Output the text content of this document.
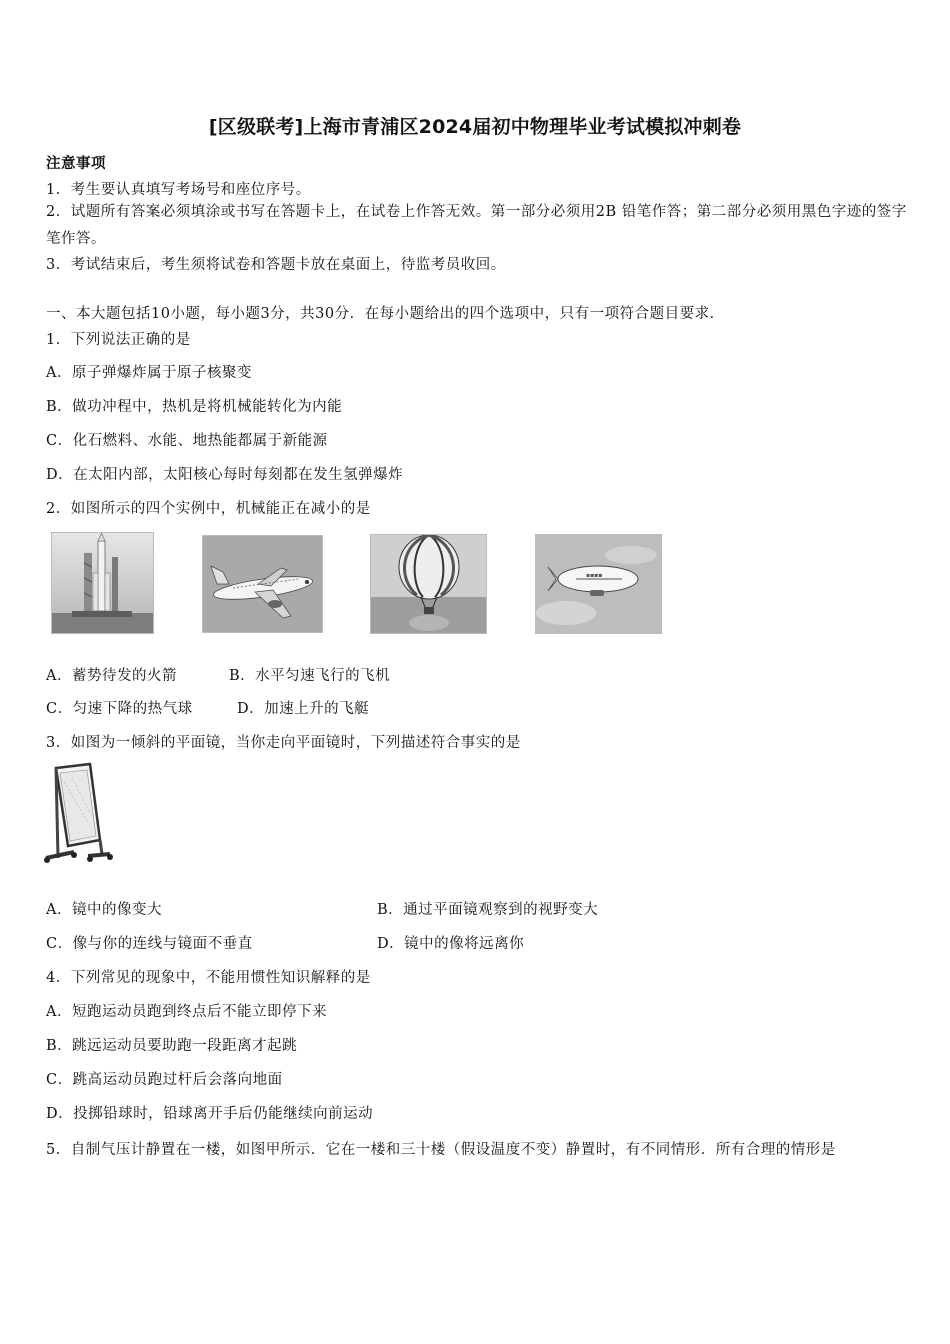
[区级联考]上海市青浦区2024届初中物理毕业考试模拟冲刺卷
注意事项
1．考生要认真填写考场号和座位序号。
2．试题所有答案必须填涂或书写在答题卡上，在试卷上作答无效。第一部分必须用2B 铅笔作答；第二部分必须用黑色字迹的签字笔作答。
3．考试结束后，考生须将试卷和答题卡放在桌面上，待监考员收回。
一、本大题包括10小题，每小题3分，共30分．在每小题给出的四个选项中，只有一项符合题目要求．
1．下列说法正确的是
A．原子弹爆炸属于原子核聚变
B．做功冲程中，热机是将机械能转化为内能
C．化石燃料、水能、地热能都属于新能源
D．在太阳内部，太阳核心每时每刻都在发生氢弹爆炸
2．如图所示的四个实例中，机械能正在减小的是
▪▪▪▪
A．蓄势待发的火箭	B．水平匀速飞行的飞机
C．匀速下降的热气球	D．加速上升的飞艇
3．如图为一倾斜的平面镜，当你走向平面镜时，下列描述符合事实的是
A．镜中的像变大	B．通过平面镜观察到的视野变大
C．像与你的连线与镜面不垂直	D．镜中的像将远离你
4．下列常见的现象中，不能用惯性知识解释的是
A．短跑运动员跑到终点后不能立即停下来
B．跳远运动员要助跑一段距离才起跳
C．跳高运动员跑过杆后会落向地面
D．投掷铅球时，铅球离开手后仍能继续向前运动
5．自制气压计静置在一楼，如图甲所示．它在一楼和三十楼（假设温度不变）静置时，有不同情形．所有合理的情形是
